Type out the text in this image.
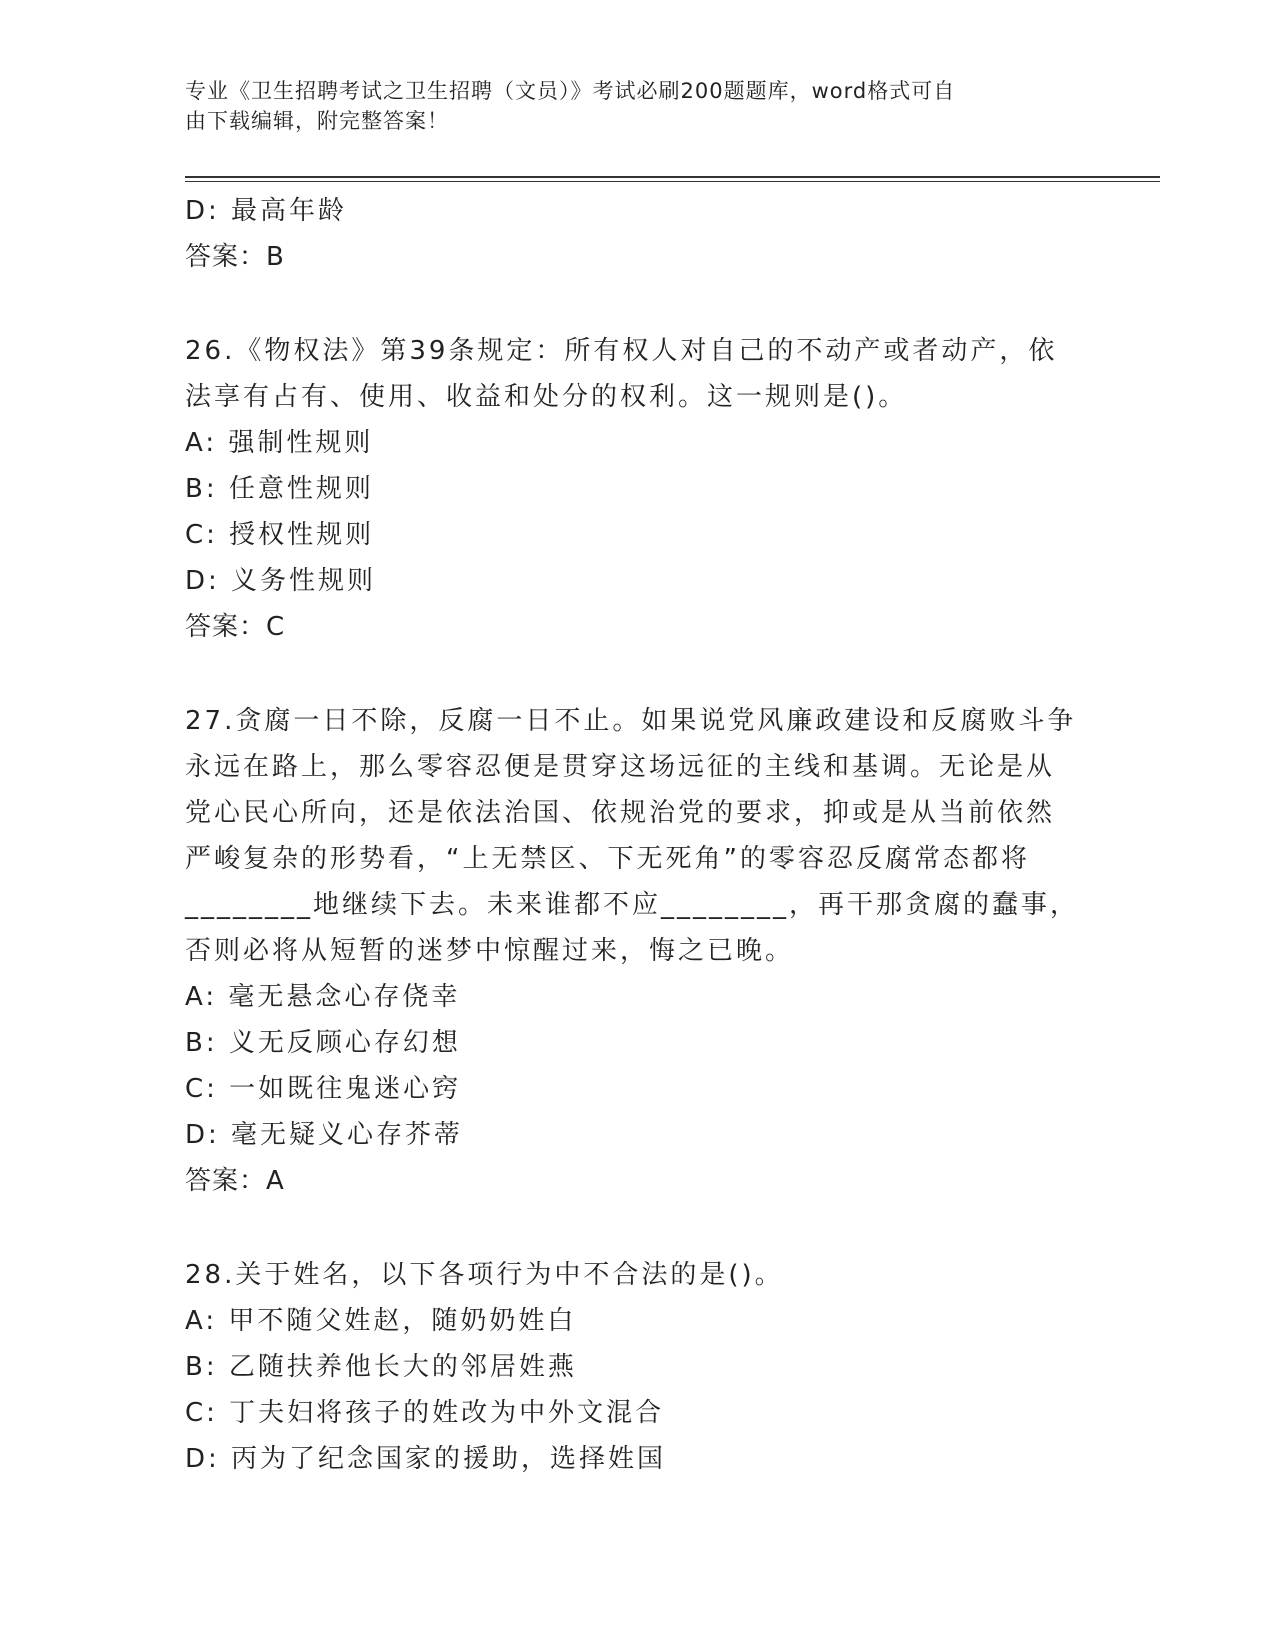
专业《卫生招聘考试之卫生招聘（文员）》考试必刷200题题库，word格式可自
由下载编辑，附完整答案！
D: 最高年龄
答案：B
26.《物权法》第39条规定：所有权人对自己的不动产或者动产，依
法享有占有、使用、收益和处分的权利。这一规则是()。
A: 强制性规则
B: 任意性规则
C: 授权性规则
D: 义务性规则
答案：C
27.贪腐一日不除，反腐一日不止。如果说党风廉政建设和反腐败斗争
永远在路上，那么零容忍便是贯穿这场远征的主线和基调。无论是从
党心民心所向，还是依法治国、依规治党的要求，抑或是从当前依然
严峻复杂的形势看，“上无禁区、下无死角”的零容忍反腐常态都将
________地继续下去。未来谁都不应________，再干那贪腐的蠢事，
否则必将从短暂的迷梦中惊醒过来，悔之已晚。
A: 毫无悬念心存侥幸
B: 义无反顾心存幻想
C: 一如既往鬼迷心窍
D: 毫无疑义心存芥蒂
答案：A
28.关于姓名，以下各项行为中不合法的是()。
A: 甲不随父姓赵，随奶奶姓白
B: 乙随扶养他长大的邻居姓燕
C: 丁夫妇将孩子的姓改为中外文混合
D: 丙为了纪念国家的援助，选择姓国
